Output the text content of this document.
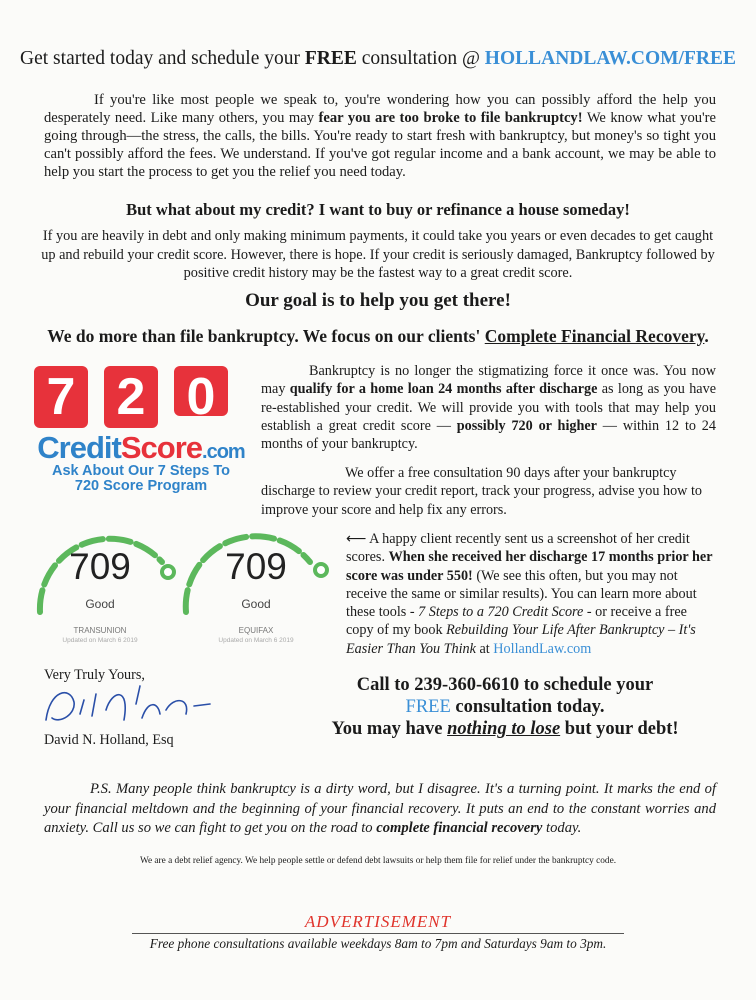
Get started today and schedule your FREE consultation @ HOLLANDLAW.COM/FREE
If you're like most people we speak to, you're wondering how you can possibly afford the help you desperately need. Like many others, you may fear you are too broke to file bankruptcy! We know what you're going through—the stress, the calls, the bills. You're ready to start fresh with bankruptcy, but money's so tight you can't possibly afford the fees. We understand. If you've got regular income and a bank account, we may be able to help you start the process to get you the relief you need today.
But what about my credit? I want to buy or refinance a house someday!
If you are heavily in debt and only making minimum payments, it could take you years or even decades to get caught up and rebuild your credit score. However, there is hope. If your credit is seriously damaged, Bankruptcy followed by positive credit history may be the fastest way to a great credit score.
Our goal is to help you get there!
We do more than file bankruptcy. We focus on our clients' Complete Financial Recovery.
7 2 0
CreditScore.com
Ask About Our 7 Steps To
720 Score Program
709
Good
TRANSUNION
Updated on March 6 2019
709
Good
EQUIFAX
Updated on March 6 2019
Bankruptcy is no longer the stigmatizing force it once was. You now may qualify for a home loan 24 months after discharge as long as you have re-established your credit. We will provide you with tools that may help you establish a great credit score — possibly 720 or higher — within 12 to 24 months of your bankruptcy.
We offer a free consultation 90 days after your bankruptcy discharge to review your credit report, track your progress, advise you how to improve your score and help fix any errors.
⟵ A happy client recently sent us a screenshot of her credit scores. When she received her discharge 17 months prior her score was under 550! (We see this often, but you may not receive the same or similar results). You can learn more about these tools - 7 Steps to a 720 Credit Score - or receive a free copy of my book Rebuilding Your Life After Bankruptcy – It's Easier Than You Think at HollandLaw.com
Very Truly Yours,
David N. Holland, Esq
Call to 239-360-6610 to schedule your
FREE consultation today.
You may have nothing to lose but your debt!
P.S. Many people think bankruptcy is a dirty word, but I disagree. It's a turning point. It marks the end of your financial meltdown and the beginning of your financial recovery. It puts an end to the constant worries and anxiety. Call us so we can fight to get you on the road to complete financial recovery today.
We are a debt relief agency. We help people settle or defend debt lawsuits or help them file for relief under the bankruptcy code.
ADVERTISEMENT
Free phone consultations available weekdays 8am to 7pm and Saturdays 9am to 3pm.
